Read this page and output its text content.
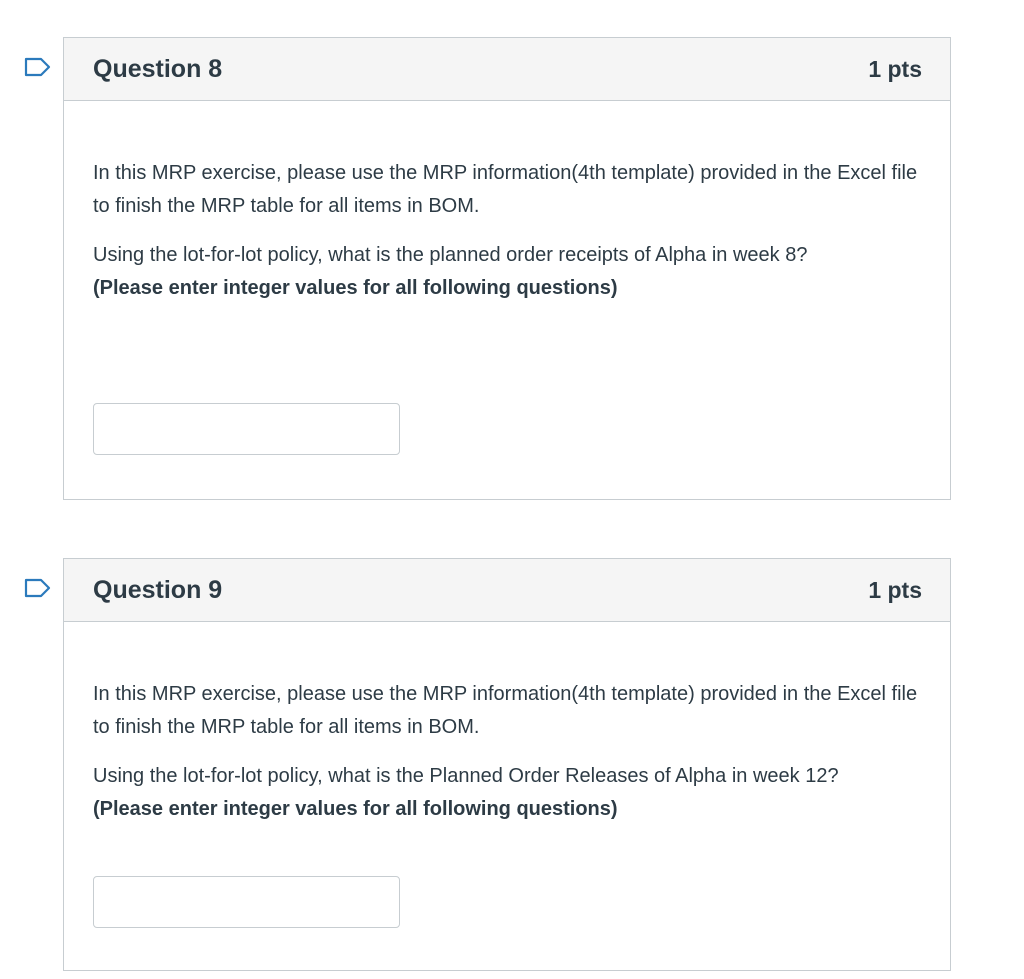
Question 8	1 pts

In this MRP exercise, please use the MRP information(4th template) provided in the Excel file to finish the MRP table for all items in BOM.

Using the lot-for-lot policy, what is the planned order receipts of Alpha in week 8?
(Please enter integer values for all following questions)

Question 9	1 pts

In this MRP exercise, please use the MRP information(4th template) provided in the Excel file to finish the MRP table for all items in BOM.

Using the lot-for-lot policy, what is the Planned Order Releases of Alpha in week 12? (Please enter integer values for all following questions)
